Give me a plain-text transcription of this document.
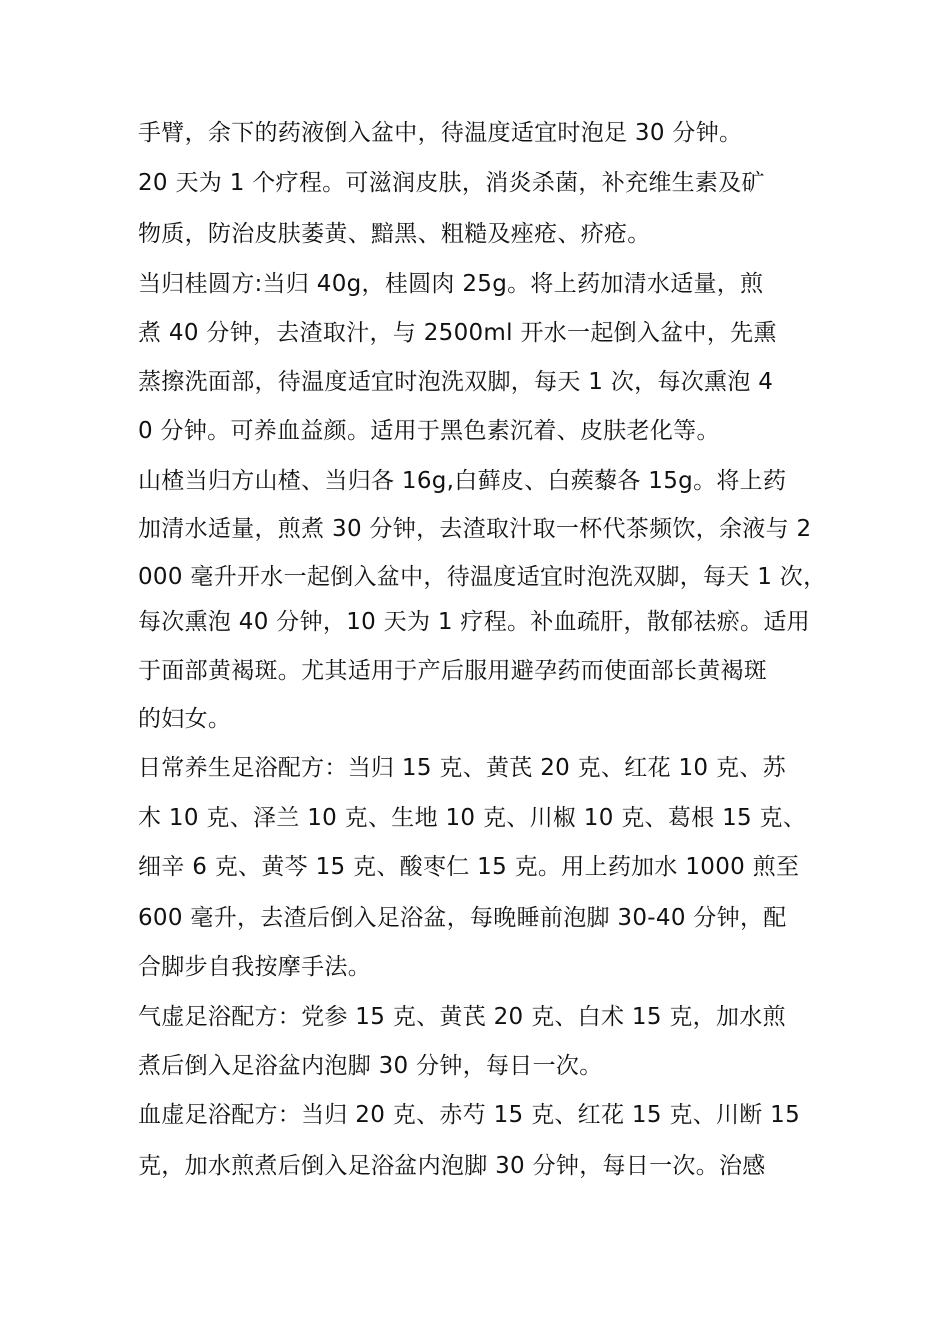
手臂，余下的药液倒入盆中，待温度适宜时泡足 30 分钟。
20 天为 1 个疗程。可滋润皮肤，消炎杀菌，补充维生素及矿
物质，防治皮肤萎黄、黯黑、粗糙及痤疮、疥疮。
当归桂圆方:当归 40g，桂圆肉 25g。将上药加清水适量，煎
煮 40 分钟，去渣取汁，与 2500ml 开水一起倒入盆中，先熏
蒸擦洗面部，待温度适宜时泡洗双脚，每天 1 次，每次熏泡 4
0 分钟。可养血益颜。适用于黑色素沉着、皮肤老化等。
山楂当归方山楂、当归各 16g,白藓皮、白蒺藜各 15g。将上药
加清水适量，煎煮 30 分钟，去渣取汁取一杯代茶频饮，余液与 2
000 毫升开水一起倒入盆中，待温度适宜时泡洗双脚，每天 1 次，
每次熏泡 40 分钟，10 天为 1 疗程。补血疏肝，散郁祛瘀。适用
于面部黄褐斑。尤其适用于产后服用避孕药而使面部长黄褐斑
的妇女。
日常养生足浴配方：当归 15 克、黄芪 20 克、红花 10 克、苏
木 10 克、泽兰 10 克、生地 10 克、川椒 10 克、葛根 15 克、
细辛 6 克、黄芩 15 克、酸枣仁 15 克。用上药加水 1000 煎至
600 毫升，去渣后倒入足浴盆，每晚睡前泡脚 30-40 分钟，配
合脚步自我按摩手法。
气虚足浴配方：党参 15 克、黄芪 20 克、白术 15 克，加水煎
煮后倒入足浴盆内泡脚 30 分钟，每日一次。
血虚足浴配方：当归 20 克、赤芍 15 克、红花 15 克、川断 15
克，加水煎煮后倒入足浴盆内泡脚 30 分钟，每日一次。治感
